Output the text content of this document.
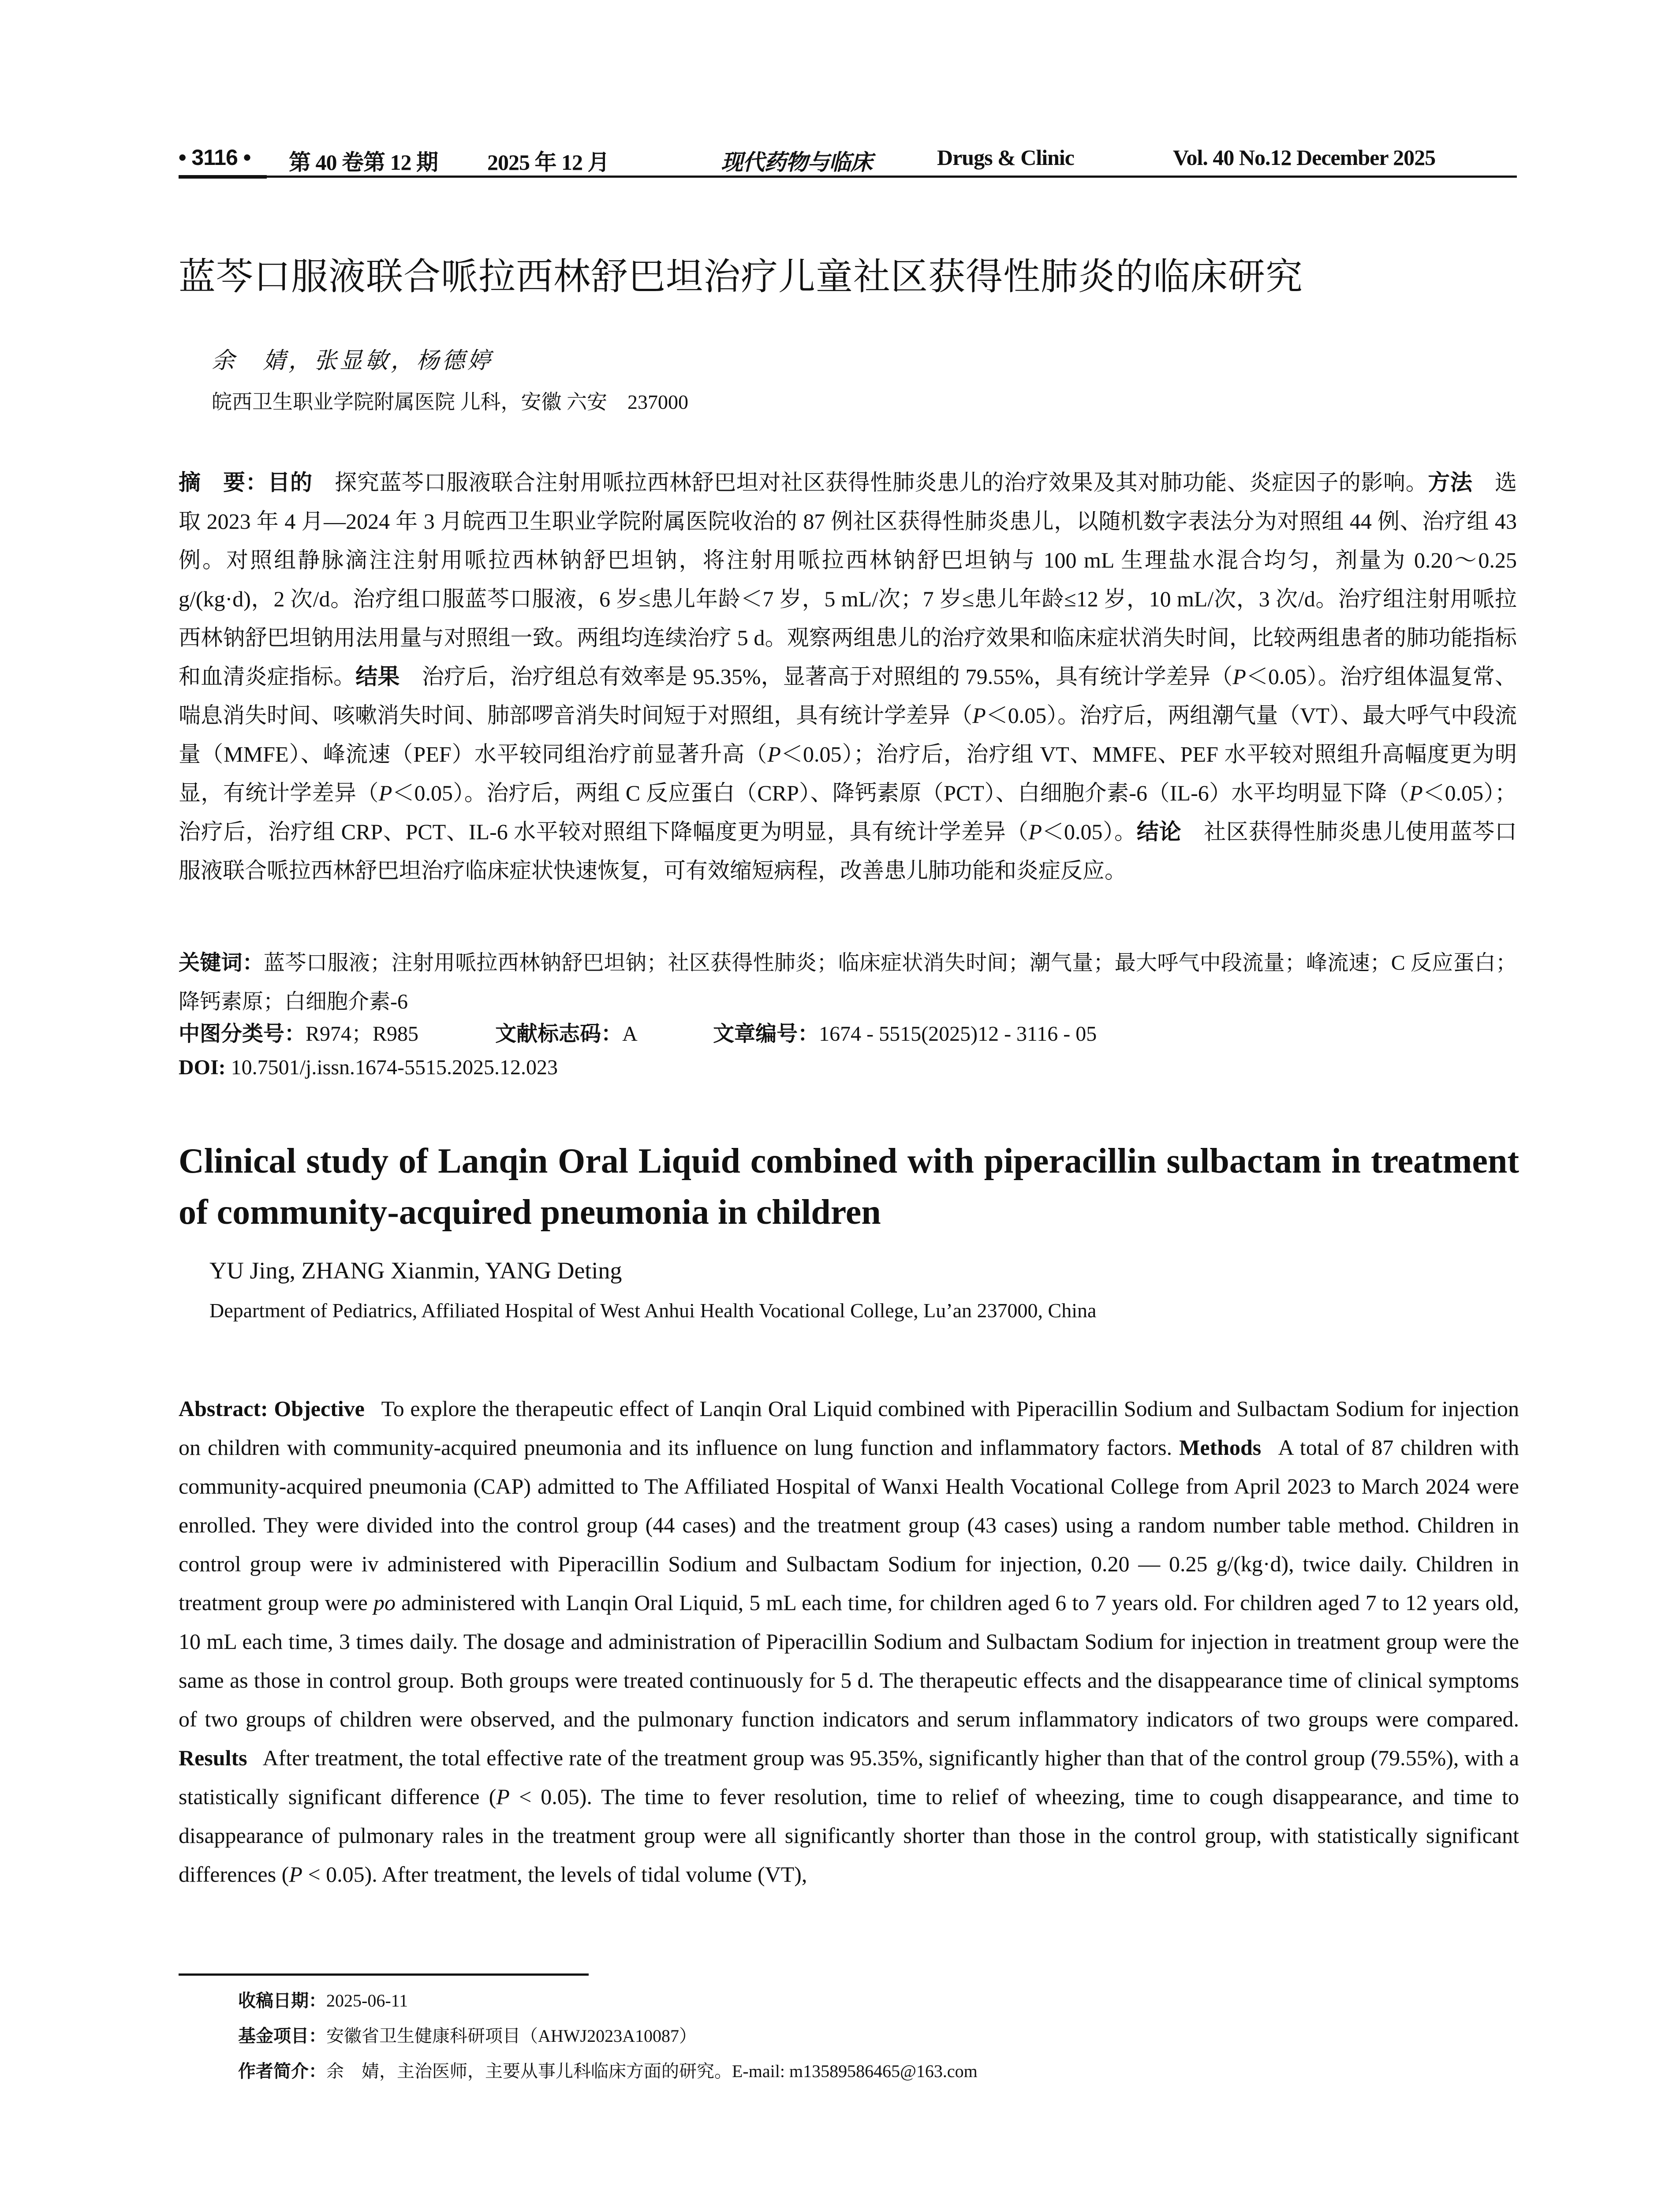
• 3116 • 第 40 卷第 12 期 2025 年 12 月	现代药物与临床	Drugs & Clinic	Vol. 40 No.12 December 2025
蓝芩口服液联合哌拉西林舒巴坦治疗儿童社区获得性肺炎的临床研究
余　婧，张显敏，杨德婷
皖西卫生职业学院附属医院 儿科，安徽 六安　237000
摘　要：目的  探究蓝芩口服液联合注射用哌拉西林舒巴坦对社区获得性肺炎患儿的治疗效果及其对肺功能、炎症因子的影响。方法  选取 2023 年 4 月—2024 年 3 月皖西卫生职业学院附属医院收治的 87 例社区获得性肺炎患儿，以随机数字表法分为对照组 44 例、治疗组 43 例。对照组静脉滴注注射用哌拉西林钠舒巴坦钠，将注射用哌拉西林钠舒巴坦钠与 100 mL 生理盐水混合均匀，剂量为 0.20～0.25 g/(kg·d)，2 次/d。治疗组口服蓝芩口服液，6 岁≤患儿年龄＜7 岁，5 mL/次；7 岁≤患儿年龄≤12 岁，10 mL/次，3 次/d。治疗组注射用哌拉西林钠舒巴坦钠用法用量与对照组一致。两组均连续治疗 5 d。观察两组患儿的治疗效果和临床症状消失时间，比较两组患者的肺功能指标和血清炎症指标。结果  治疗后，治疗组总有效率是 95.35%，显著高于对照组的 79.55%，具有统计学差异（P＜0.05）。治疗组体温复常、喘息消失时间、咳嗽消失时间、肺部啰音消失时间短于对照组，具有统计学差异（P＜0.05）。治疗后，两组潮气量（VT）、最大呼气中段流量（MMFE）、峰流速（PEF）水平较同组治疗前显著升高（P＜0.05）；治疗后，治疗组 VT、MMFE、PEF 水平较对照组升高幅度更为明显，有统计学差异（P＜0.05）。治疗后，两组 C 反应蛋白（CRP）、降钙素原（PCT）、白细胞介素-6（IL-6）水平均明显下降（P＜0.05）；治疗后，治疗组 CRP、PCT、IL-6 水平较对照组下降幅度更为明显，具有统计学差异（P＜0.05）。结论  社区获得性肺炎患儿使用蓝芩口服液联合哌拉西林舒巴坦治疗临床症状快速恢复，可有效缩短病程，改善患儿肺功能和炎症反应。
关键词：蓝芩口服液；注射用哌拉西林钠舒巴坦钠；社区获得性肺炎；临床症状消失时间；潮气量；最大呼气中段流量；峰流速；C 反应蛋白；降钙素原；白细胞介素-6
中图分类号：R974；R985	文献标志码：A	文章编号：1674 - 5515(2025)12 - 3116 - 05
DOI: 10.7501/j.issn.1674-5515.2025.12.023
Clinical study of Lanqin Oral Liquid combined with piperacillin sulbactam in treatment of community-acquired pneumonia in children
YU Jing, ZHANG Xianmin, YANG Deting
Department of Pediatrics, Affiliated Hospital of West Anhui Health Vocational College, Lu’an 237000, China
Abstract: Objective  To explore the therapeutic effect of Lanqin Oral Liquid combined with Piperacillin Sodium and Sulbactam Sodium for injection on children with community-acquired pneumonia and its influence on lung function and inflammatory factors. Methods  A total of 87 children with community-acquired pneumonia (CAP) admitted to The Affiliated Hospital of Wanxi Health Vocational College from April 2023 to March 2024 were enrolled. They were divided into the control group (44 cases) and the treatment group (43 cases) using a random number table method. Children in control group were iv administered with Piperacillin Sodium and Sulbactam Sodium for injection, 0.20 — 0.25 g/(kg·d), twice daily. Children in treatment group were po administered with Lanqin Oral Liquid, 5 mL each time, for children aged 6 to 7 years old. For children aged 7 to 12 years old, 10 mL each time, 3 times daily. The dosage and administration of Piperacillin Sodium and Sulbactam Sodium for injection in treatment group were the same as those in control group. Both groups were treated continuously for 5 d. The therapeutic effects and the disappearance time of clinical symptoms of two groups of children were observed, and the pulmonary function indicators and serum inflammatory indicators of two groups were compared. Results  After treatment, the total effective rate of the treatment group was 95.35%, significantly higher than that of the control group (79.55%), with a statistically significant difference (P < 0.05). The time to fever resolution, time to relief of wheezing, time to cough disappearance, and time to disappearance of pulmonary rales in the treatment group were all significantly shorter than those in the control group, with statistically significant differences (P < 0.05). After treatment, the levels of tidal volume (VT),
收稿日期：2025-06-11
基金项目：安徽省卫生健康科研项目（AHWJ2023A10087）
作者简介：余　婧，主治医师，主要从事儿科临床方面的研究。E-mail: m13589586465@163.com
